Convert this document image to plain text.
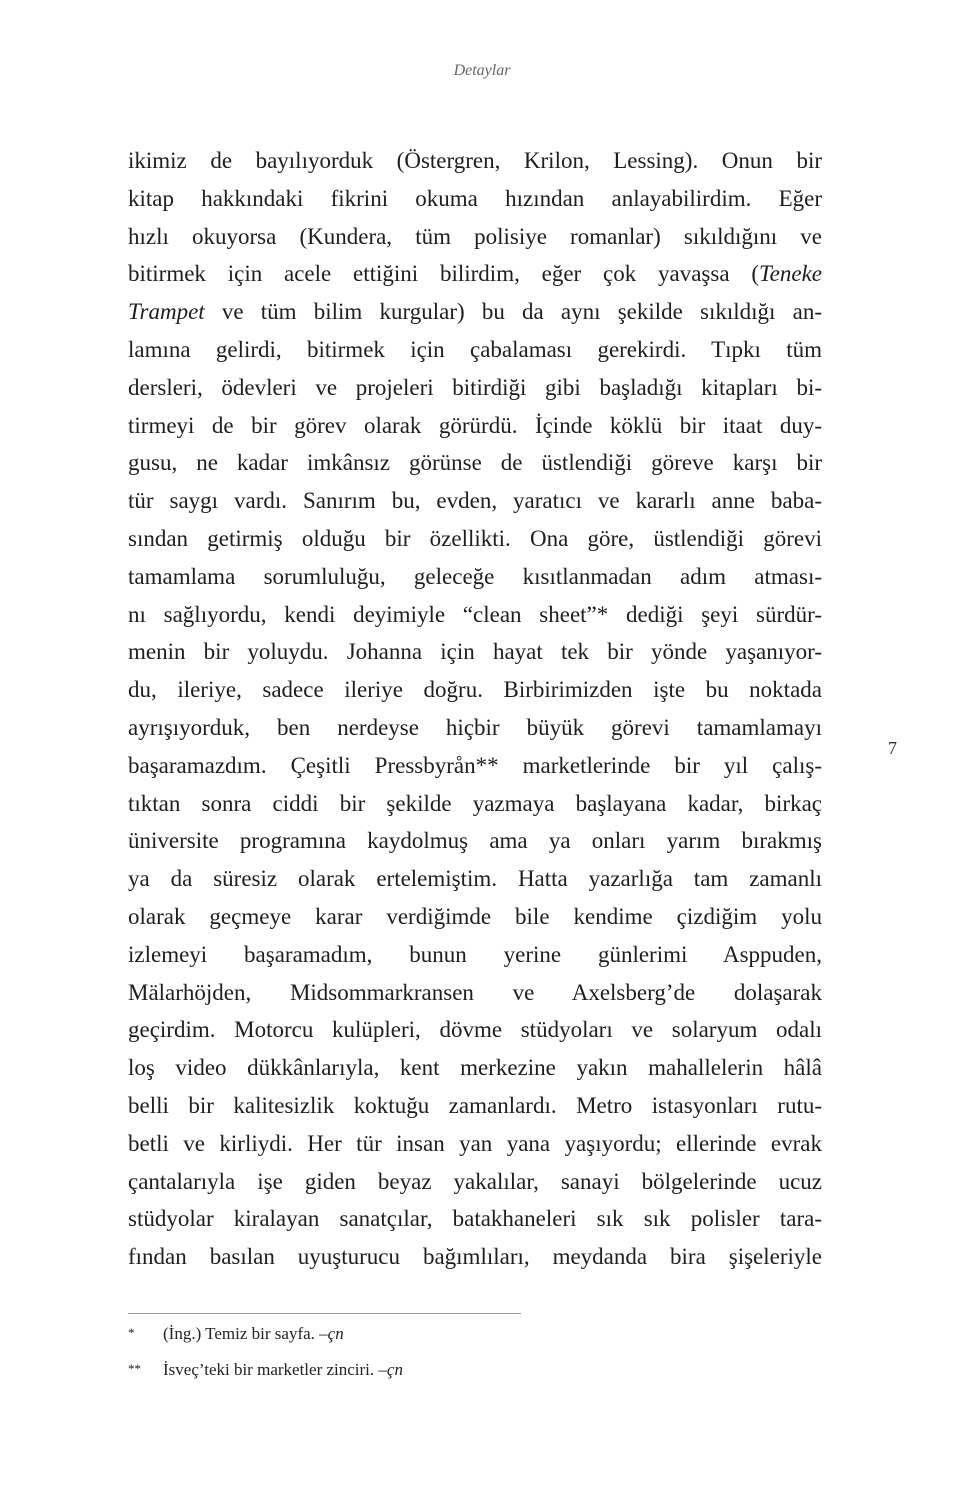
Detaylar
ikimiz de bayılıyorduk (Östergren, Krilon, Lessing). Onun bir
kitap hakkındaki fikrini okuma hızından anlayabilirdim. Eğer
hızlı okuyorsa (Kundera, tüm polisiye romanlar) sıkıldığını ve
bitirmek için acele ettiğini bilirdim, eğer çok yavaşsa (Teneke
Trampet ve tüm bilim kurgular) bu da aynı şekilde sıkıldığı an-
lamına gelirdi, bitirmek için çabalaması gerekirdi. Tıpkı tüm
dersleri, ödevleri ve projeleri bitirdiği gibi başladığı kitapları bi-
tirmeyi de bir görev olarak görürdü. İçinde köklü bir itaat duy-
gusu, ne kadar imkânsız görünse de üstlendiği göreve karşı bir
tür saygı vardı. Sanırım bu, evden, yaratıcı ve kararlı anne baba-
sından getirmiş olduğu bir özellikti. Ona göre, üstlendiği görevi
tamamlama sorumluluğu, geleceğe kısıtlanmadan adım atması-
nı sağlıyordu, kendi deyimiyle “clean sheet”* dediği şeyi sürdür-
menin bir yoluydu. Johanna için hayat tek bir yönde yaşanıyor-
du, ileriye, sadece ileriye doğru. Birbirimizden işte bu noktada
ayrışıyorduk, ben nerdeyse hiçbir büyük görevi tamamlamayı
başaramazdım. Çeşitli Pressbyrån** marketlerinde bir yıl çalış-
tıktan sonra ciddi bir şekilde yazmaya başlayana kadar, birkaç
üniversite programına kaydolmuş ama ya onları yarım bırakmış
ya da süresiz olarak ertelemiştim. Hatta yazarlığa tam zamanlı
olarak geçmeye karar verdiğimde bile kendime çizdiğim yolu
izlemeyi başaramadım, bunun yerine günlerimi Asppuden,
Mälarhöjden, Midsommarkransen ve Axelsberg’de dolaşarak
geçirdim. Motorcu kulüpleri, dövme stüdyoları ve solaryum odalı
loş video dükkânlarıyla, kent merkezine yakın mahallelerin hâlâ
belli bir kalitesizlik koktuğu zamanlardı. Metro istasyonları rutu-
betli ve kirliydi. Her tür insan yan yana yaşıyordu; ellerinde evrak
çantalarıyla işe giden beyaz yakalılar, sanayi bölgelerinde ucuz
stüdyolar kiralayan sanatçılar, batakhaneleri sık sık polisler tara-
fından basılan uyuşturucu bağımlıları, meydanda bira şişeleriyle
7
* (İng.) Temiz bir sayfa. –çn
** İsveç’teki bir marketler zinciri. –çn
